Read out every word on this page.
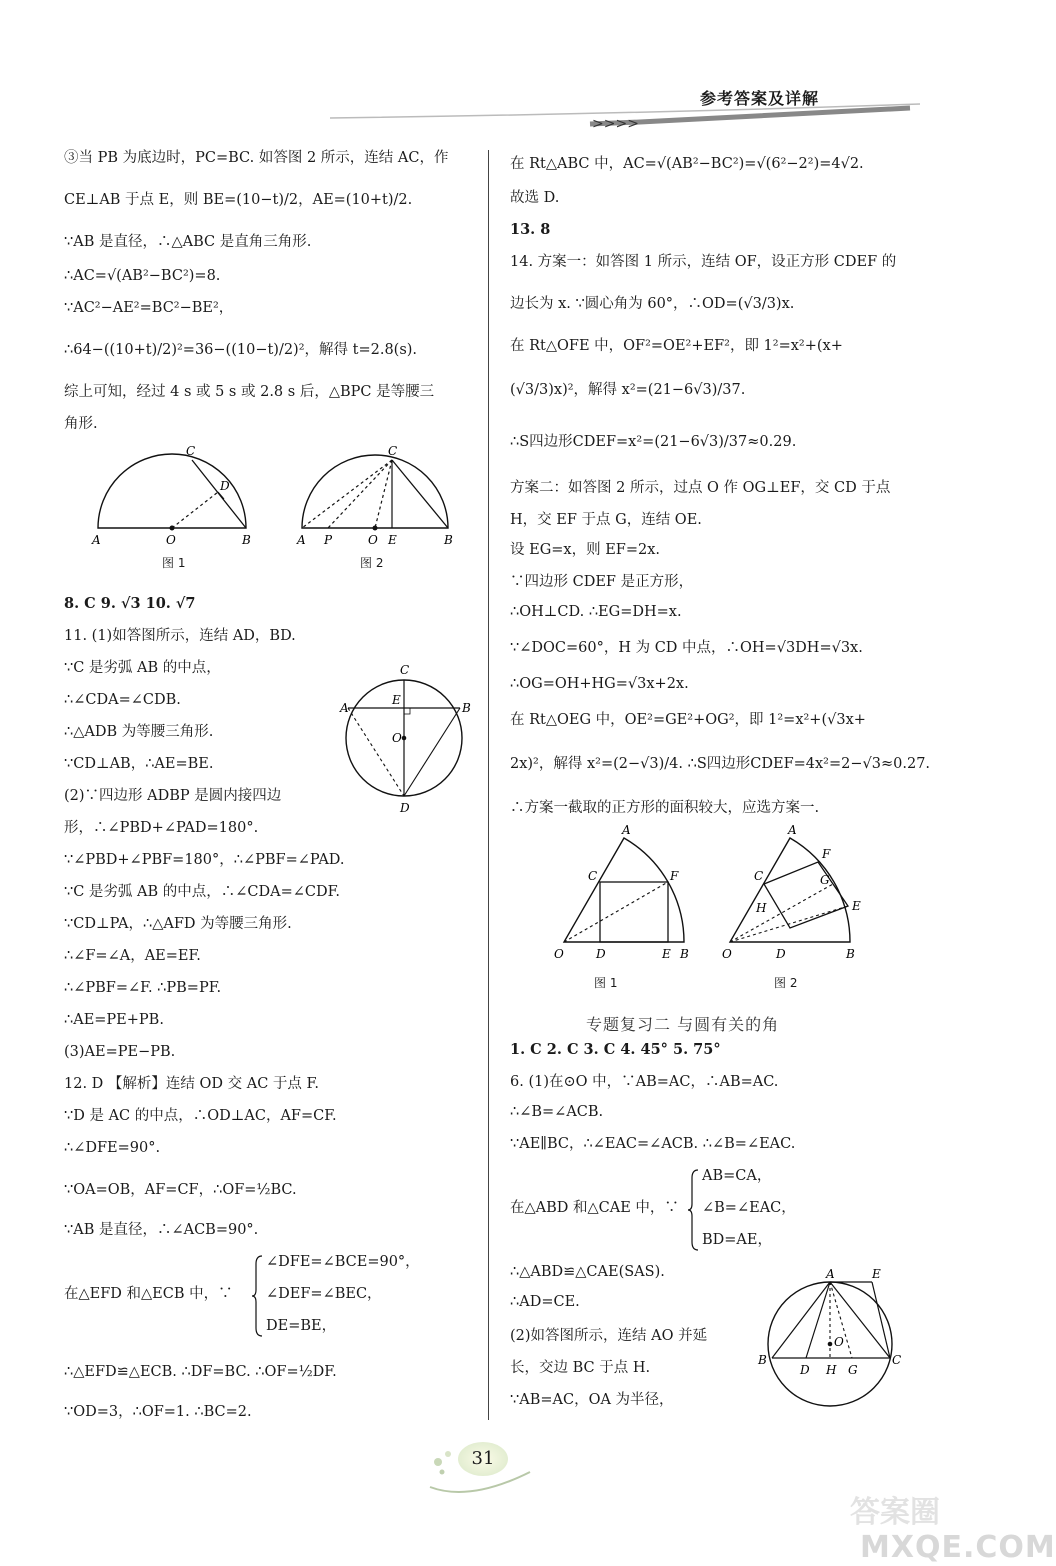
参考答案及详解
>>>>
③当 PB 为底边时，PC=BC. 如答图 2 所示，连结 AC，作
CE⊥AB 于点 E，则 BE=(10−t)/2，AE=(10+t)/2.
∵AB 是直径，∴△ABC 是直角三角形.
∴AC=√(AB²−BC²)=8.
∵AC²−AE²=BC²−BE²，
∴64−((10+t)/2)²=36−((10−t)/2)²，解得 t=2.8(s).
综上可知，经过 4 s 或 5 s 或 2.8 s 后，△BPC 是等腰三
角形.
C
D
A	O	B
C
A P	O E	B
图 1	图 2
8. C 9. √3 10. √7
11. (1)如答图所示，连结 AD，BD.
∵C 是劣弧 AB 的中点，
∴∠CDA=∠CDB.
∴△ADB 为等腰三角形.
∵CD⊥AB，∴AE=BE.
(2)∵四边形 ADBP 是圆内接四边
形，∴∠PBD+∠PAD=180°.
∵∠PBD+∠PBF=180°，∴∠PBF=∠PAD.
∵C 是劣弧 AB 的中点，∴∠CDA=∠CDF.
∵CD⊥PA，∴△AFD 为等腰三角形.
∴∠F=∠A，AE=EF.
∴∠PBF=∠F. ∴PB=PF.
∴AE=PE+PB.
(3)AE=PE−PB.
C
E
A	B
O
D
12. D 【解析】连结 OD 交 AC 于点 F.
∵D 是 AC 的中点，∴OD⊥AC，AF=CF.
∴∠DFE=90°.
∵OA=OB，AF=CF，∴OF=½BC.
∵AB 是直径，∴∠ACB=90°.
在△EFD 和△ECB 中，∵
∠DFE=∠BCE=90°，
∠DEF=∠BEC，
DE=BE，
∴△EFD≌△ECB. ∴DF=BC. ∴OF=½DF.
∵OD=3，∴OF=1. ∴BC=2.
在 Rt△ABC 中，AC=√(AB²−BC²)=√(6²−2²)=4√2.
故选 D.
13. 8
14. 方案一：如答图 1 所示，连结 OF，设正方形 CDEF 的
边长为 x. ∵圆心角为 60°，∴OD=(√3/3)x.
在 Rt△OFE 中，OF²=OE²+EF²，即 1²=x²+(x+
(√3/3)x)²，解得 x²=(21−6√3)/37.
∴S四边形CDEF=x²=(21−6√3)/37≈0.29.
方案二：如答图 2 所示，过点 O 作 OG⊥EF，交 CD 于点
H，交 EF 于点 G，连结 OE.
设 EG=x，则 EF=2x.
∵四边形 CDEF 是正方形，
∴OH⊥CD. ∴EG=DH=x.
∵∠DOC=60°，H 为 CD 中点，∴OH=√3DH=√3x.
∴OG=OH+HG=√3x+2x.
在 Rt△OEG 中，OE²=GE²+OG²，即 1²=x²+(√3x+
2x)²，解得 x²=(2−√3)/4. ∴S四边形CDEF=4x²=2−√3≈0.27.
∴方案一截取的正方形的面积较大，应选方案一.
A
C	F
O	D	E B
A
C
F
G
H	E
O	D	B
图 1	图 2
专题复习二 与圆有关的角
1. C 2. C 3. C 4. 45° 5. 75°
6. (1)在⊙O 中，∵AB=AC，∴AB=AC.
∴∠B=∠ACB.
∵AE∥BC，∴∠EAC=∠ACB. ∴∠B=∠EAC.
在△ABD 和△CAE 中，∵
AB=CA，
∠B=∠EAC，
BD=AE，
∴△ABD≌△CAE(SAS).
∴AD=CE.
(2)如答图所示，连结 AO 并延
长，交边 BC 于点 H.
∵AB=AC，OA 为半径，
A	E
O
B
D H G
C
31
答案圈
MXQE.COM
